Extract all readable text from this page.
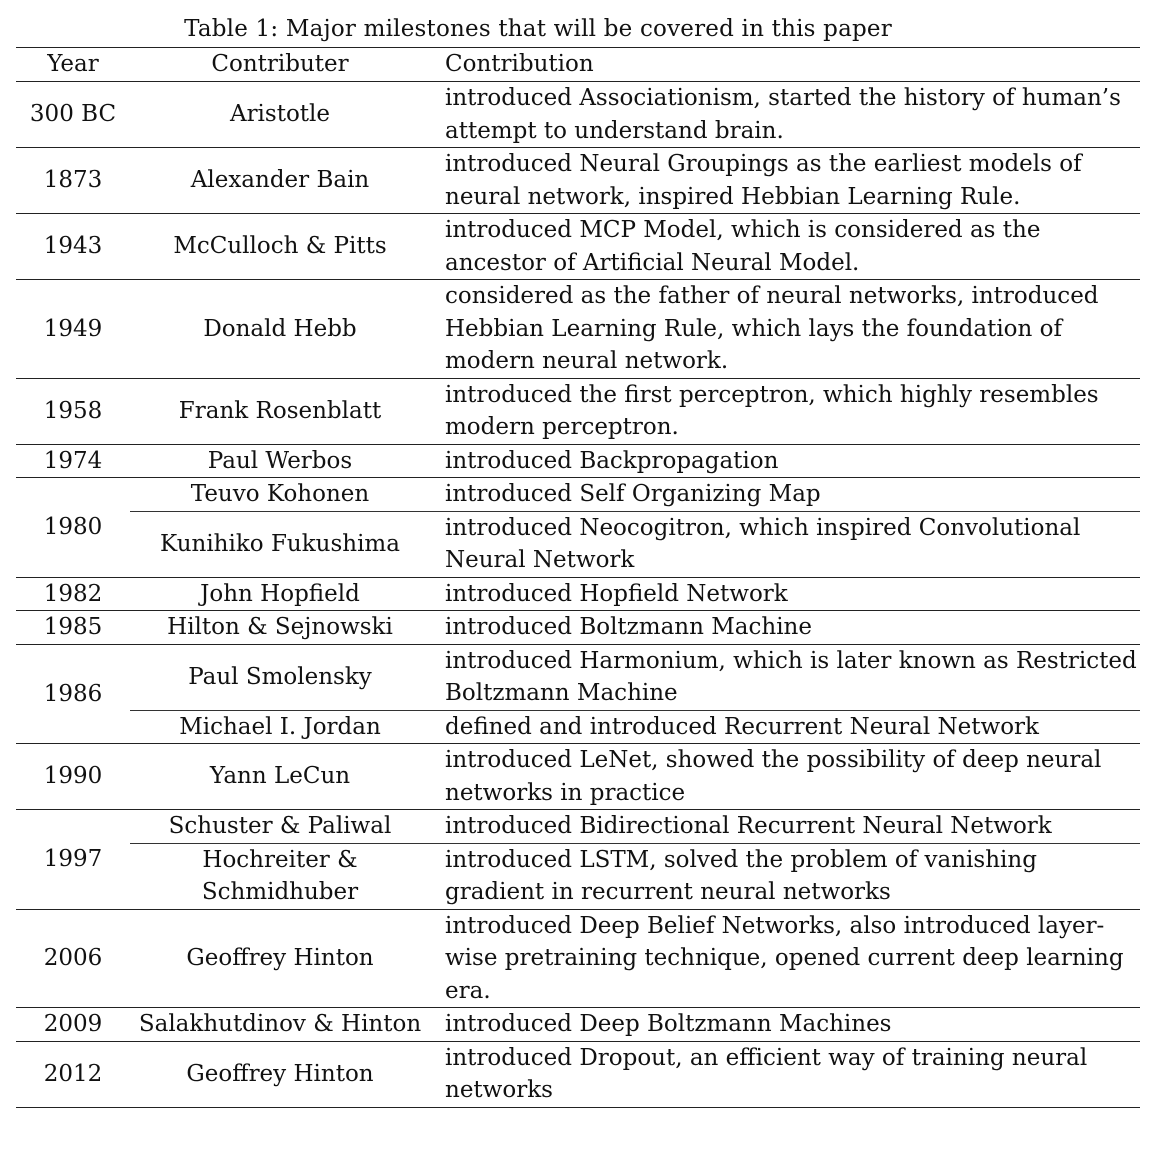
Table 1: Major milestones that will be covered in this paper
Year	Contributer	Contribution
300 BC	Aristotle	introduced Associationism, started the history of human’s attempt to understand brain.
1873	Alexander Bain	introduced Neural Groupings as the earliest models of neural network, inspired Hebbian Learning Rule.
1943	McCulloch & Pitts	introduced MCP Model, which is considered as the ancestor of Artificial Neural Model.
1949	Donald Hebb	considered as the father of neural networks, introduced Hebbian Learning Rule, which lays the foundation of modern neural network.
1958	Frank Rosenblatt	introduced the first perceptron, which highly resembles modern perceptron.
1974	Paul Werbos	introduced Backpropagation
1980	Teuvo Kohonen	introduced Self Organizing Map
	Kunihiko Fukushima	introduced Neocogitron, which inspired Convolutional Neural Network
1982	John Hopfield	introduced Hopfield Network
1985	Hilton & Sejnowski	introduced Boltzmann Machine
1986	Paul Smolensky	introduced Harmonium, which is later known as Restricted Boltzmann Machine
	Michael I. Jordan	defined and introduced Recurrent Neural Network
1990	Yann LeCun	introduced LeNet, showed the possibility of deep neural networks in practice
1997	Schuster & Paliwal	introduced Bidirectional Recurrent Neural Network
	Hochreiter & Schmidhuber	introduced LSTM, solved the problem of vanishing gradient in recurrent neural networks
2006	Geoffrey Hinton	introduced Deep Belief Networks, also introduced layer-wise pretraining technique, opened current deep learning era.
2009	Salakhutdinov & Hinton	introduced Deep Boltzmann Machines
2012	Geoffrey Hinton	introduced Dropout, an efficient way of training neural networks
